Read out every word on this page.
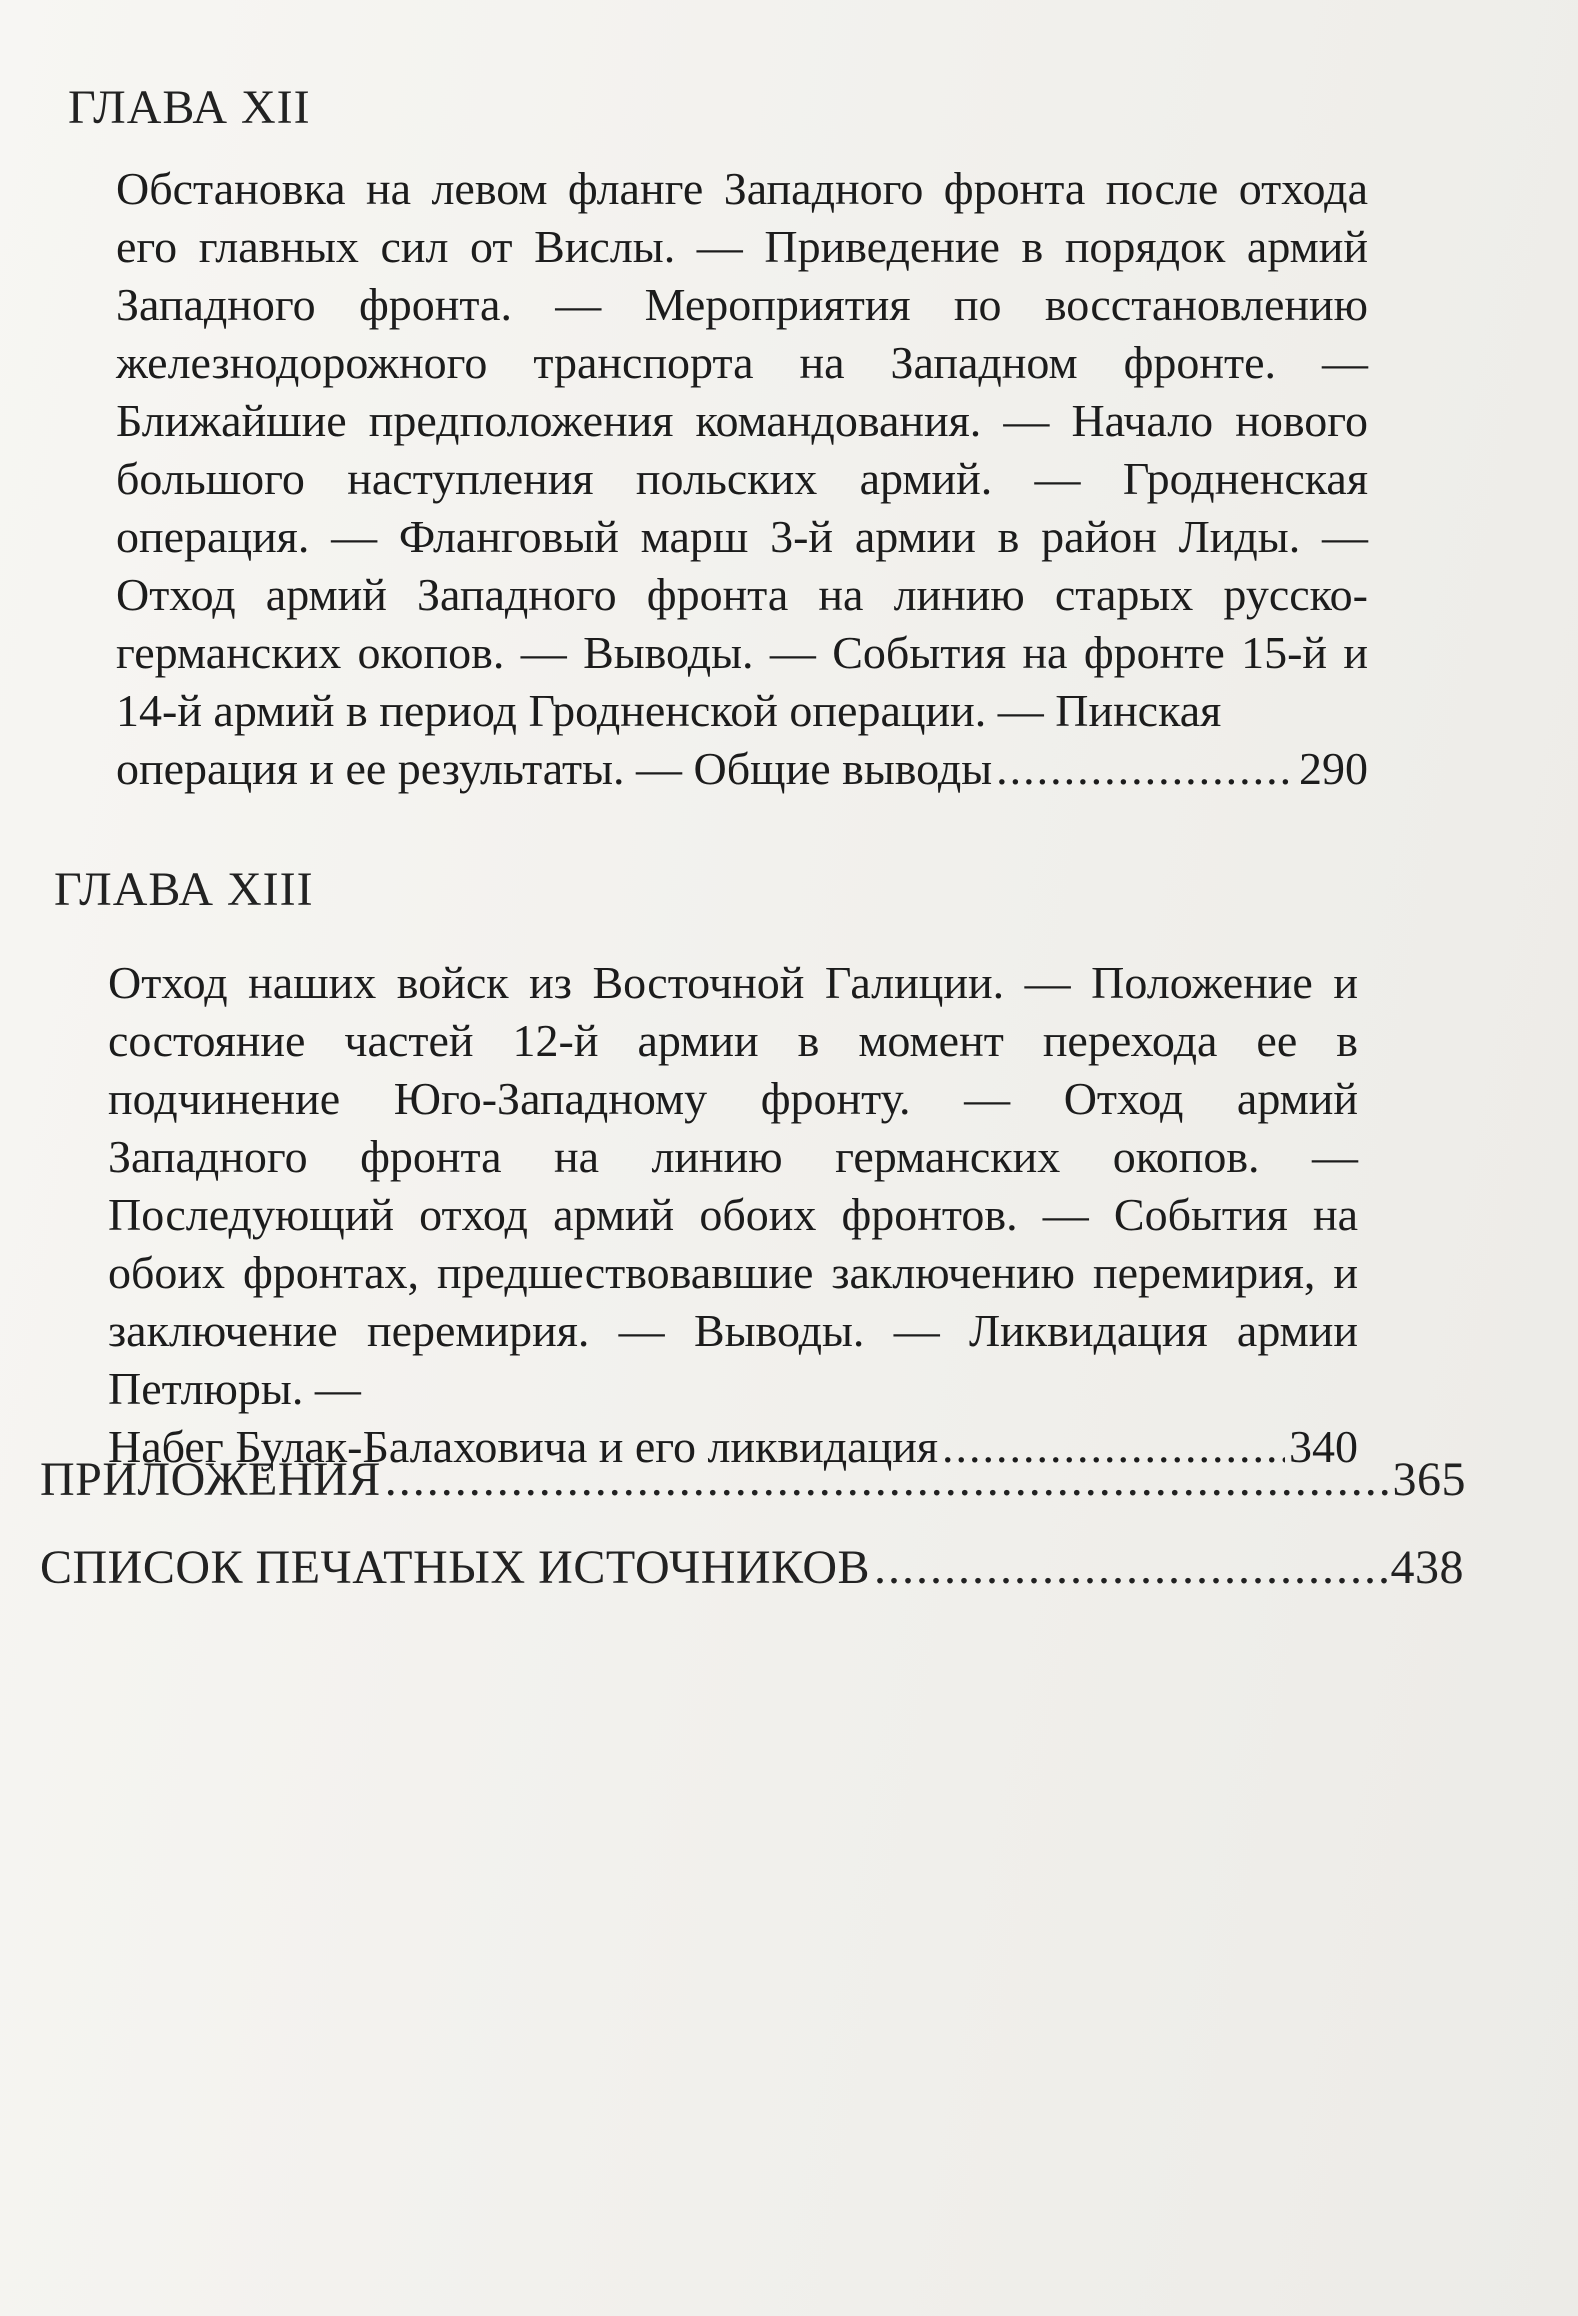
ГЛАВА XII
Обстановка на левом фланге Западного фронта после отхода его главных сил от Вислы. — Приведение в порядок армий Западного фронта. — Мероприятия по восстановлению железнодорожного транспорта на Западном фронте. — Ближайшие предположения командования. — Начало нового большого наступления польских армий. — Гродненская операция. — Фланговый марш 3-й армии в район Лиды. — Отход армий Западного фронта на линию старых русско-германских окопов. — Выводы. — События на фронте 15-й и 14-й армий в период Гродненской операции. — Пинская
операция и ее результаты. — Общие выводы .....	290
ГЛАВА XIII
Отход наших войск из Восточной Галиции. — Положение и состояние частей 12-й армии в момент перехода ее в подчинение Юго-Западному фронту. — Отход армий Западного фронта на линию германских окопов. — Последующий отход армий обоих фронтов. — События на обоих фронтах, предшествовавшие заключению перемирия, и заключение перемирия. — Выводы. — Ликвидация армии Петлюры. —
Набег Булак-Балаховича и его ликвидация .....	340
ПРИЛОЖЕНИЯ .....	365
СПИСОК ПЕЧАТНЫХ ИСТОЧНИКОВ .....	438
